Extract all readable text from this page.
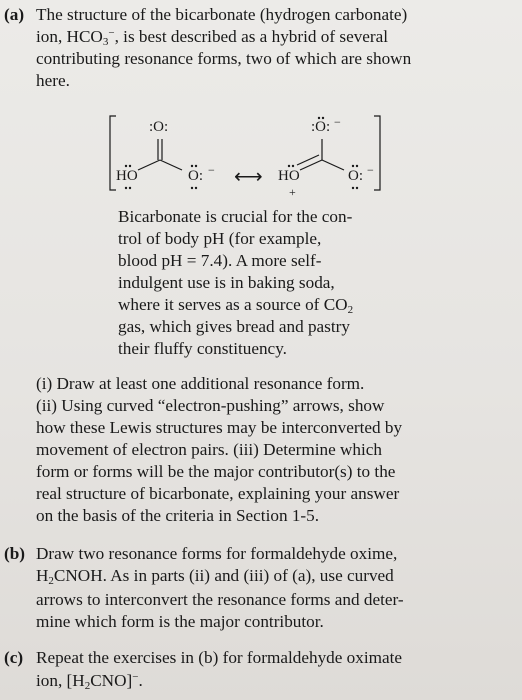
(a) The structure of the bicarbonate (hydrogen carbonate)
ion, $HCO_3^-$, is best described as a hybrid of several
contributing resonance forms, two of which are shown
here.
:O:
HO	O: − ⟷
:O: −
HO
+
O: −
Bicarbonate is crucial for the con-
trol of body pH (for example,
blood pH = 7.4). A more self-
indulgent use is in baking soda,
where it serves as a source of $CO_2$
gas, which gives bread and pastry
their fluffy constituency.
(i) Draw at least one additional resonance form.
(ii) Using curved “electron-pushing” arrows, show
how these Lewis structures may be interconverted by
movement of electron pairs. (iii) Determine which
form or forms will be the major contributor(s) to the
real structure of bicarbonate, explaining your answer
on the basis of the criteria in Section 1-5.
(b) Draw two resonance forms for formaldehyde oxime,
$H_2CNOH$. As in parts (ii) and (iii) of (a), use curved
arrows to interconvert the resonance forms and deter-
mine which form is the major contributor.
(c) Repeat the exercises in (b) for formaldehyde oximate
ion, $[H_2CNO]^-$.
